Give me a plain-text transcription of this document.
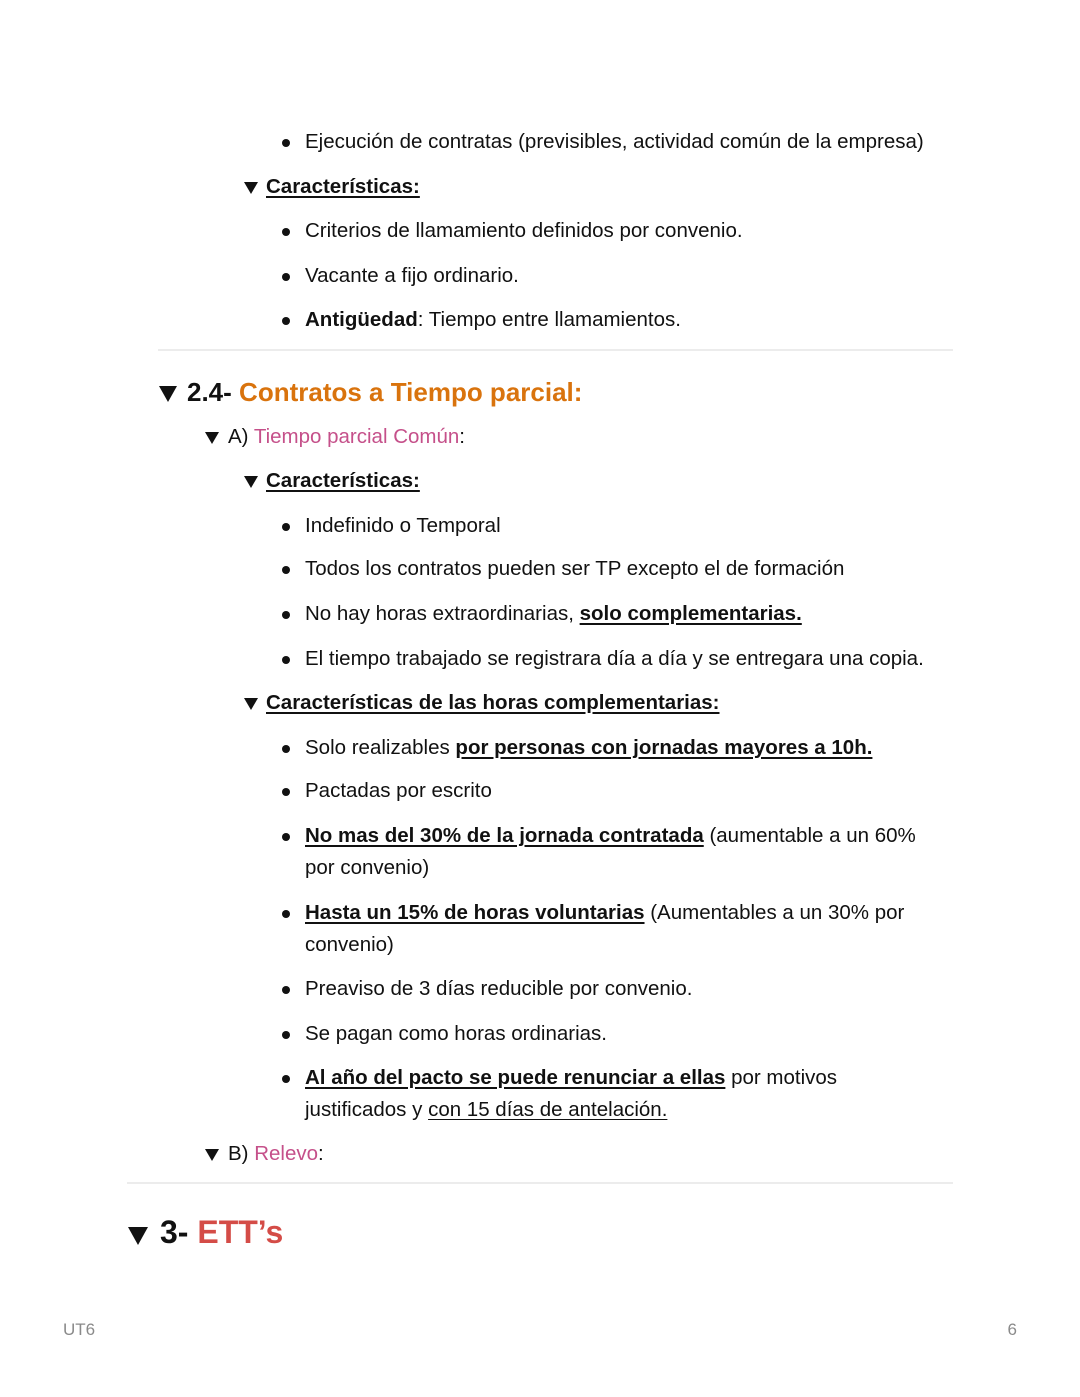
Ejecución de contratas (previsibles, actividad común de la empresa)
Características:
Criterios de llamamiento definidos por convenio.
Vacante a fijo ordinario.
Antigüedad: Tiempo entre llamamientos.
2.4- Contratos a Tiempo parcial:
A) Tiempo parcial Común:
Características:
Indefinido o Temporal
Todos los contratos pueden ser TP excepto el de formación
No hay horas extraordinarias, solo complementarias.
El tiempo trabajado se registrara día a día y se entregara una copia.
Características de las horas complementarias:
Solo realizables por personas con jornadas mayores a 10h.
Pactadas por escrito
No mas del 30% de la jornada contratada (aumentable a un 60%
por convenio)
Hasta un 15% de horas voluntarias (Aumentables a un 30% por
convenio)
Preaviso de 3 días reducible por convenio.
Se pagan como horas ordinarias.
Al año del pacto se puede renunciar a ellas por motivos
justificados y con 15 días de antelación.
B) Relevo:
3- ETT’s
UT6	6
